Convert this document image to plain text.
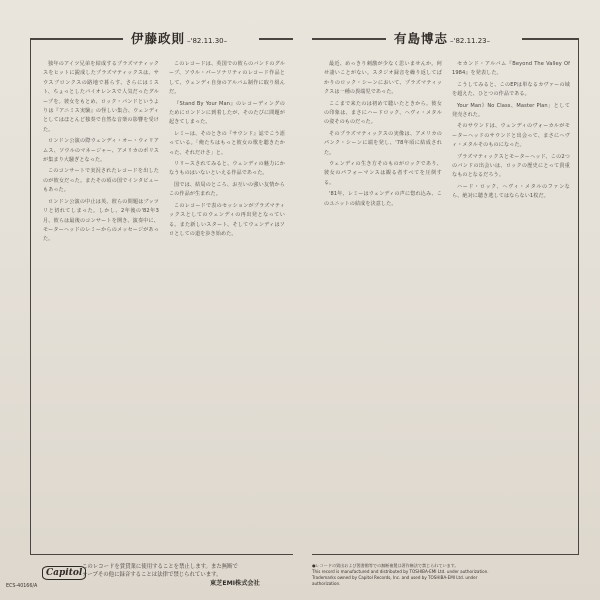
伊藤政則 –'82.11.30–

独年のアイツ兄弟を結成するプラズマティックスをヒットに鋭成したプラズマティックスは、サウスブロンクスの路地で暮らす、さらにはミスト、ちょっとしたバイオレンスで人気だったグループを。彼女をもとめ、ロック・バンドというよりは『アニミス実験』の怪しい集合、ウェンディとしてはほとんど独奏で自然な音楽の影響を受けた。

ロンドン公演の際ウェンディ・オー・ウィリアムス、ソウルのマネージャー、アメリカのポリスが集まり大騒ぎとなった。

このコンサートで実況されたレコードを出したのが彼女だった。またその頃の国でインタビューもあった。

ロンドン公演の中止は英、彼らの問題はブッツリと切れてしまった。しかし、2年後の'82年3月、彼らは最後のコンサートを開き、演奏中に、モーターヘッドのレミーからのメッセージがあった。

このレコードは、英国での彼らのバンドのグループ、ソウル・パーソナリティのレコード作品として、ウェンディ自身のアルバム制作に取り組んだ。

『Stand By Your Man』のレコーディングのためにロンドンに到着したが、そのたびに問題が起きてしまった。

レミーは、そのときの『サウンド』誌でこう語っている。「俺たちはもっと彼女の歌を聴きたかった、それだけさ」と。

リリースされてみると、ウェンディの魅力にかなうものはいないといえる作品であった。

国では、結局のところ、お互いの強い友情からこの作品が生まれた。

このレコードで表のセッションがプラズマティックスとしてのウェンディの再出発となっている。また新しいスタート、そしてウェンディはソロとしての道を歩き始めた。

有島博志 –'82.11.23–

最近、めっきり刺激が少なく思いませんか。何せ凄いことがない。スタジオ録音を繰り返してばかりのロック・シーンにおいて、プラズマティックスは一種の異端児であった。

ここまで来たのは初めて聴いたときから。彼女の印象は、まさにハードロック、ヘヴィ・メタルの姿そのものだった。

そのプラズマティックスの実像は、アメリカのパンク・シーンに端を発し、'78年頃に結成された。

ウェンディの生き方そのものがロックであり、彼女のパフォーマンスは観る者すべてを圧倒する。

'81年、レミーはウェンディの声に惚れ込み、このユニットの結成を決意した。

セカンド・アルバム『Beyond The Valley Of 1984』を発表した。

こうしてみると、このEPは単なるカヴァーの域を超えた、ひとつの作品である。

Your Man》No Class、Master Plan」として発売された。

そのサウンドは、ウェンディのヴォーカルがモーターヘッドのサウンドと出会って、まさにヘヴィ・メタルそのものになった。

プラズマティックスとモーターヘッド、この2つのバンドの出会いは、ロックの歴史にとって貴重なものとなるだろう。

ハード・ロック、ヘヴィ・メタルのファンなら、絶対に聴き逃してはならない1枚だ。

Capitol
このレコードを賃貸業に使用することを禁止します。また無断で
テープその他に録音することは法律で禁じられています。
東芝EMI株式会社
●レコードの貸出および図書館等での無断複製は著作権法で禁じられています。
This record is manufactured and distributed by TOSHIBA-EMI Ltd. under authorization.
Trademarks owned by Capitol Records, Inc. and used by TOSHIBA-EMI Ltd. under authorization.
ECS-40166/A
